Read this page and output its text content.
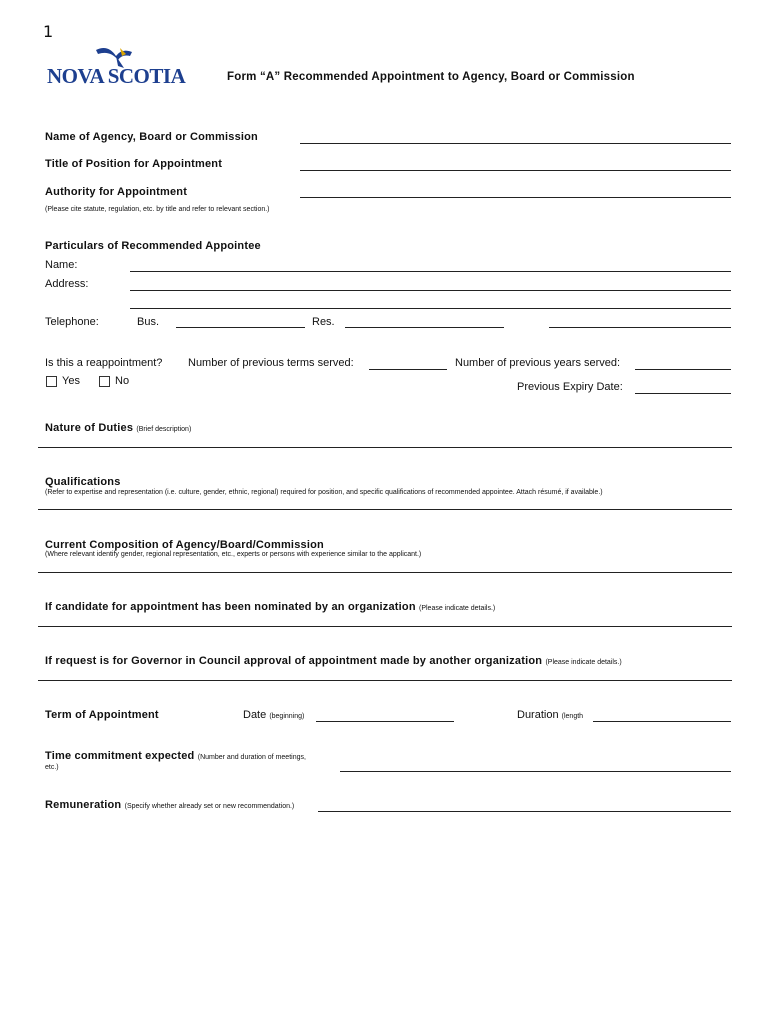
1
NOVA SCOTIA	Form “A” Recommended Appointment to Agency, Board or Commission
Name of Agency, Board or Commission
Title of Position for Appointment
Authority for Appointment
(Please cite statute, regulation, etc. by title and refer to relevant section.)
Particulars of Recommended Appointee
Name:
Address:
Telephone:	Bus.	Res.
Is this a reappointment?
Yes	No
Number of previous terms served:	Number of previous years served:
Previous Expiry Date:
Nature of Duties (Brief description)
Qualifications
(Refer to expertise and representation (i.e. culture, gender, ethnic, regional) required for position, and specific qualifications of recommended appointee. Attach résumé, if available.)
Current Composition of Agency/Board/Commission
(Where relevant identify gender, regional representation, etc., experts or persons with experience similar to the applicant.)
If candidate for appointment has been nominated by an organization (Please indicate details.)
If request is for Governor in Council approval of appointment made by another organization (Please indicate details.)
Term of Appointment	Date (beginning)	Duration (length
Time commitment expected (Number and duration of meetings,
etc.)
Remuneration (Specify whether already set or new recommendation.)
